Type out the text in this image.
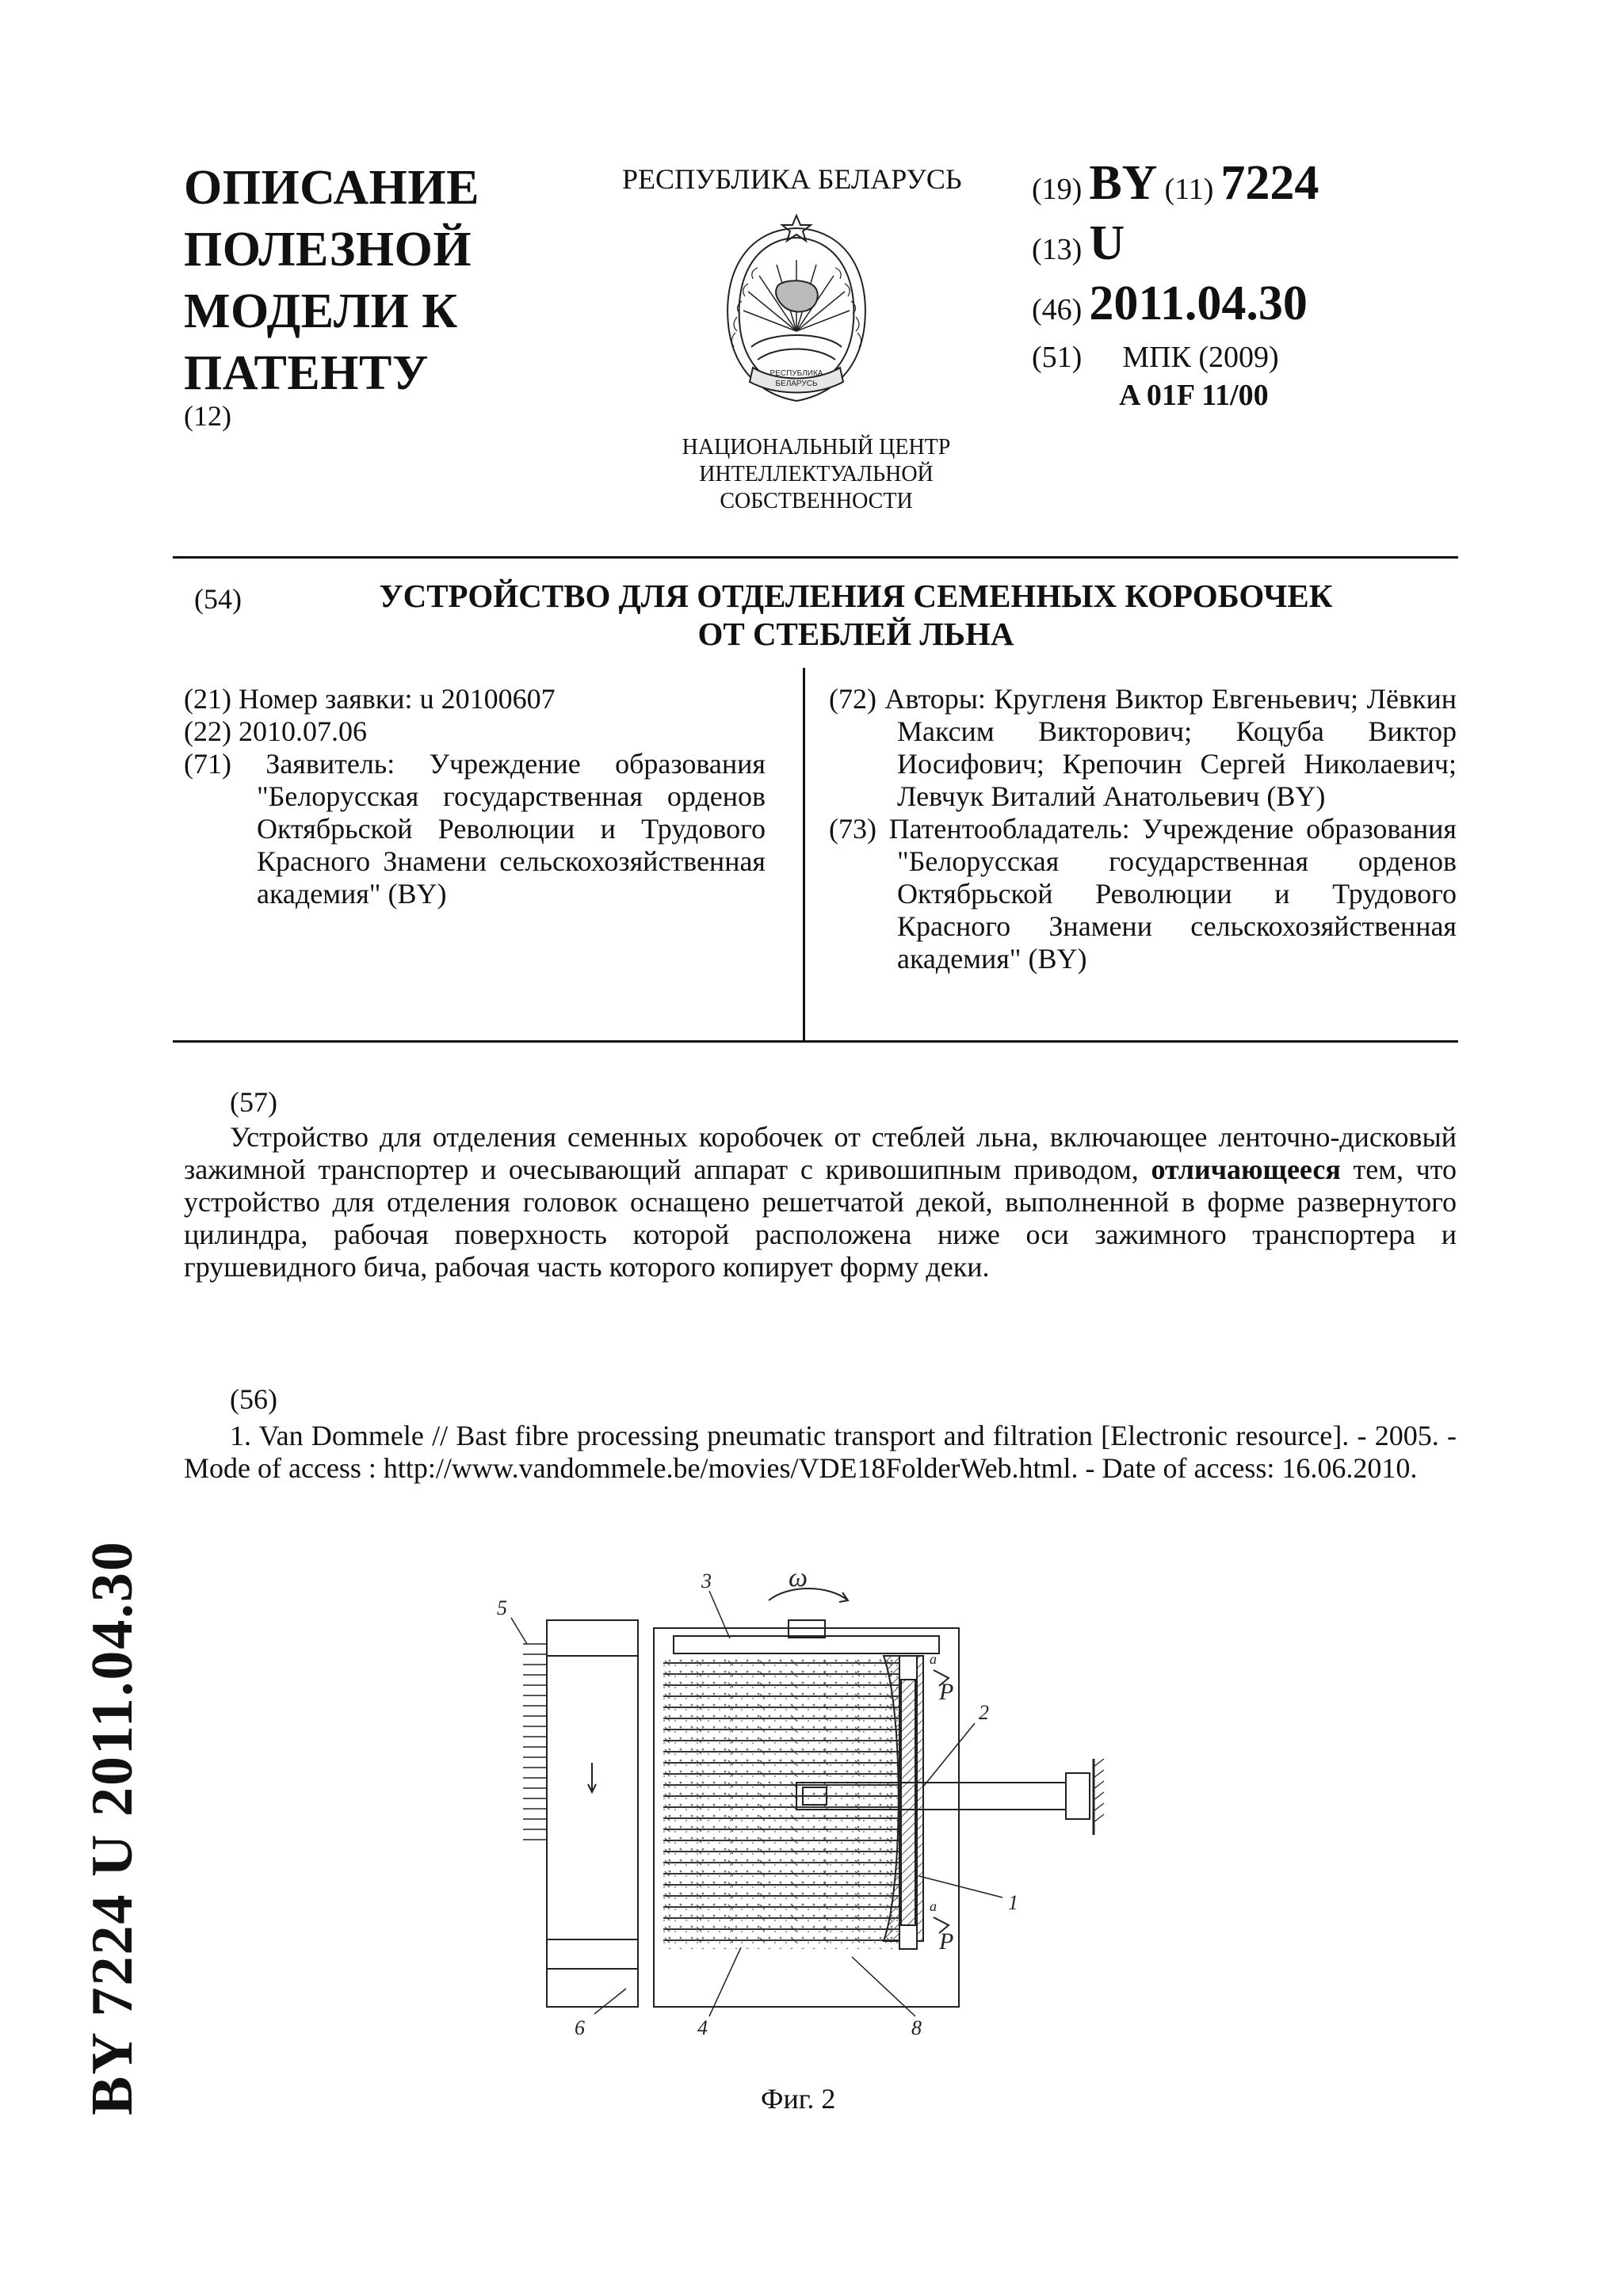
ОПИСАНИЕ
ПОЛЕЗНОЙ
МОДЕЛИ К
ПАТЕНТУ
(12)
РЕСПУБЛИКА БЕЛАРУСЬ
РЕСПУБЛИКА
БЕЛАРУСЬ
НАЦИОНАЛЬНЫЙ ЦЕНТР
ИНТЕЛЛЕКТУАЛЬНОЙ
СОБСТВЕННОСТИ
(19) BY (11) 7224
(13) U
(46) 2011.04.30
(51) МПК (2009)
A 01F 11/00
(54)	УСТРОЙСТВО ДЛЯ ОТДЕЛЕНИЯ СЕМЕННЫХ КОРОБОЧЕК
ОТ СТЕБЛЕЙ ЛЬНА

(21) Номер заявки: u 20100607

(22) 2010.07.06

(71) Заявитель: Учреждение образования "Белорусская государственная орденов Октябрьской Революции и Трудового Красного Знамени сельскохозяйственная академия" (BY)

(72) Авторы: Кругленя Виктор Евгеньевич; Лёвкин Максим Викторович; Коцуба Виктор Иосифович; Крепочин Сергей Николаевич; Левчук Виталий Анатольевич (BY)

(73) Патентообладатель: Учреждение образования "Белорусская государственная орденов Октябрьской Революции и Трудового Красного Знамени сельскохозяйственная академия" (BY)

(57)
Устройство для отделения семенных коробочек от стеблей льна, включающее ленточно-дисковый зажимной транспортер и очесывающий аппарат с кривошипным приводом, отличающееся тем, что устройство для отделения головок оснащено решетчатой декой, выполненной в форме развернутого цилиндра, рабочая поверхность которой расположена ниже оси зажимного транспортера и грушевидного бича, рабочая часть которого копирует форму деки.
(56)
1. Van Dommele // Bast fibre processing pneumatic transport and filtration [Electronic resource]. - 2005. - Mode of access : http://www.vandommele.be/movies/VDE18FolderWeb.html. - Date of access: 16.06.2010.
BY 7224 U 2011.04.30	ω
3
5
2
1
6	4	8
P
P
a
a
Фиг. 2
